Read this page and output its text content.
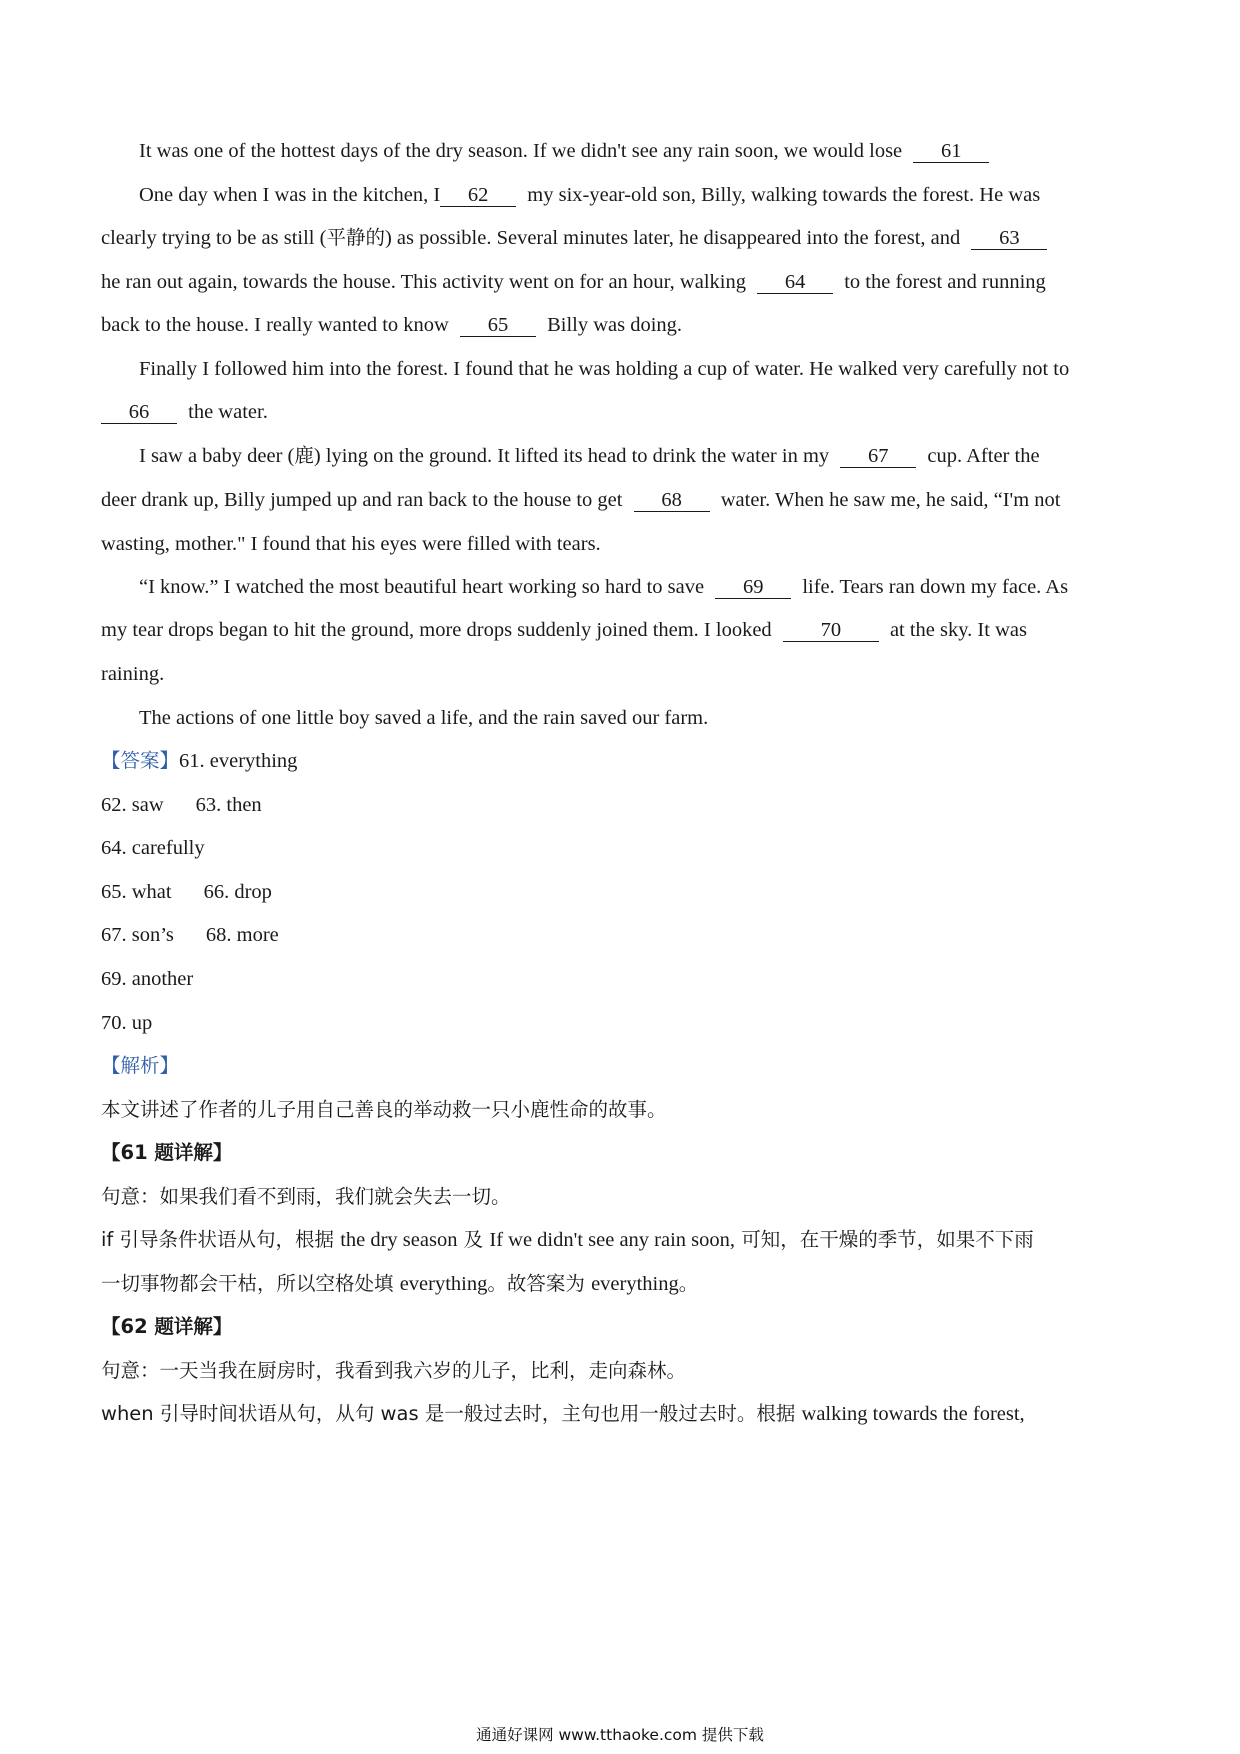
It was one of the hottest days of the dry season. If we didn't see any rain soon, we would lose 61
One day when I was in the kitchen, I 62 my six-year-old son, Billy, walking towards the forest. He was
clearly trying to be as still (平静的) as possible. Several minutes later, he disappeared into the forest, and 63
he ran out again, towards the house. This activity went on for an hour, walking 64 to the forest and running
back to the house. I really wanted to know 65 Billy was doing.
Finally I followed him into the forest. I found that he was holding a cup of water. He walked very carefully not to
66 the water.
I saw a baby deer (鹿) lying on the ground. It lifted its head to drink the water in my 67 cup. After the
deer drank up, Billy jumped up and ran back to the house to get 68 water. When he saw me, he said, “I'm not
wasting, mother." I found that his eyes were filled with tears.
“I know.” I watched the most beautiful heart working so hard to save 69 life. Tears ran down my face. As
my tear drops began to hit the ground, more drops suddenly joined them. I looked 70 at the sky. It was
raining.
The actions of one little boy saved a life, and the rain saved our farm.
【答案】61. everything
62. saw 63. then
64. carefully
65. what 66. drop
67. son’s 68. more
69. another
70. up
【解析】
本文讲述了作者的儿子用自己善良的举动救一只小鹿性命的故事。
【61 题详解】
句意：如果我们看不到雨，我们就会失去一切。
if 引导条件状语从句，根据 the dry season 及 If we didn't see any rain soon, 可知，在干燥的季节，如果不下雨
一切事物都会干枯，所以空格处填 everything。故答案为 everything。
【62 题详解】
句意：一天当我在厨房时，我看到我六岁的儿子，比利，走向森林。
when 引导时间状语从句，从句 was 是一般过去时，主句也用一般过去时。根据 walking towards the forest,
通通好课网 www.tthaoke.com 提供下载
